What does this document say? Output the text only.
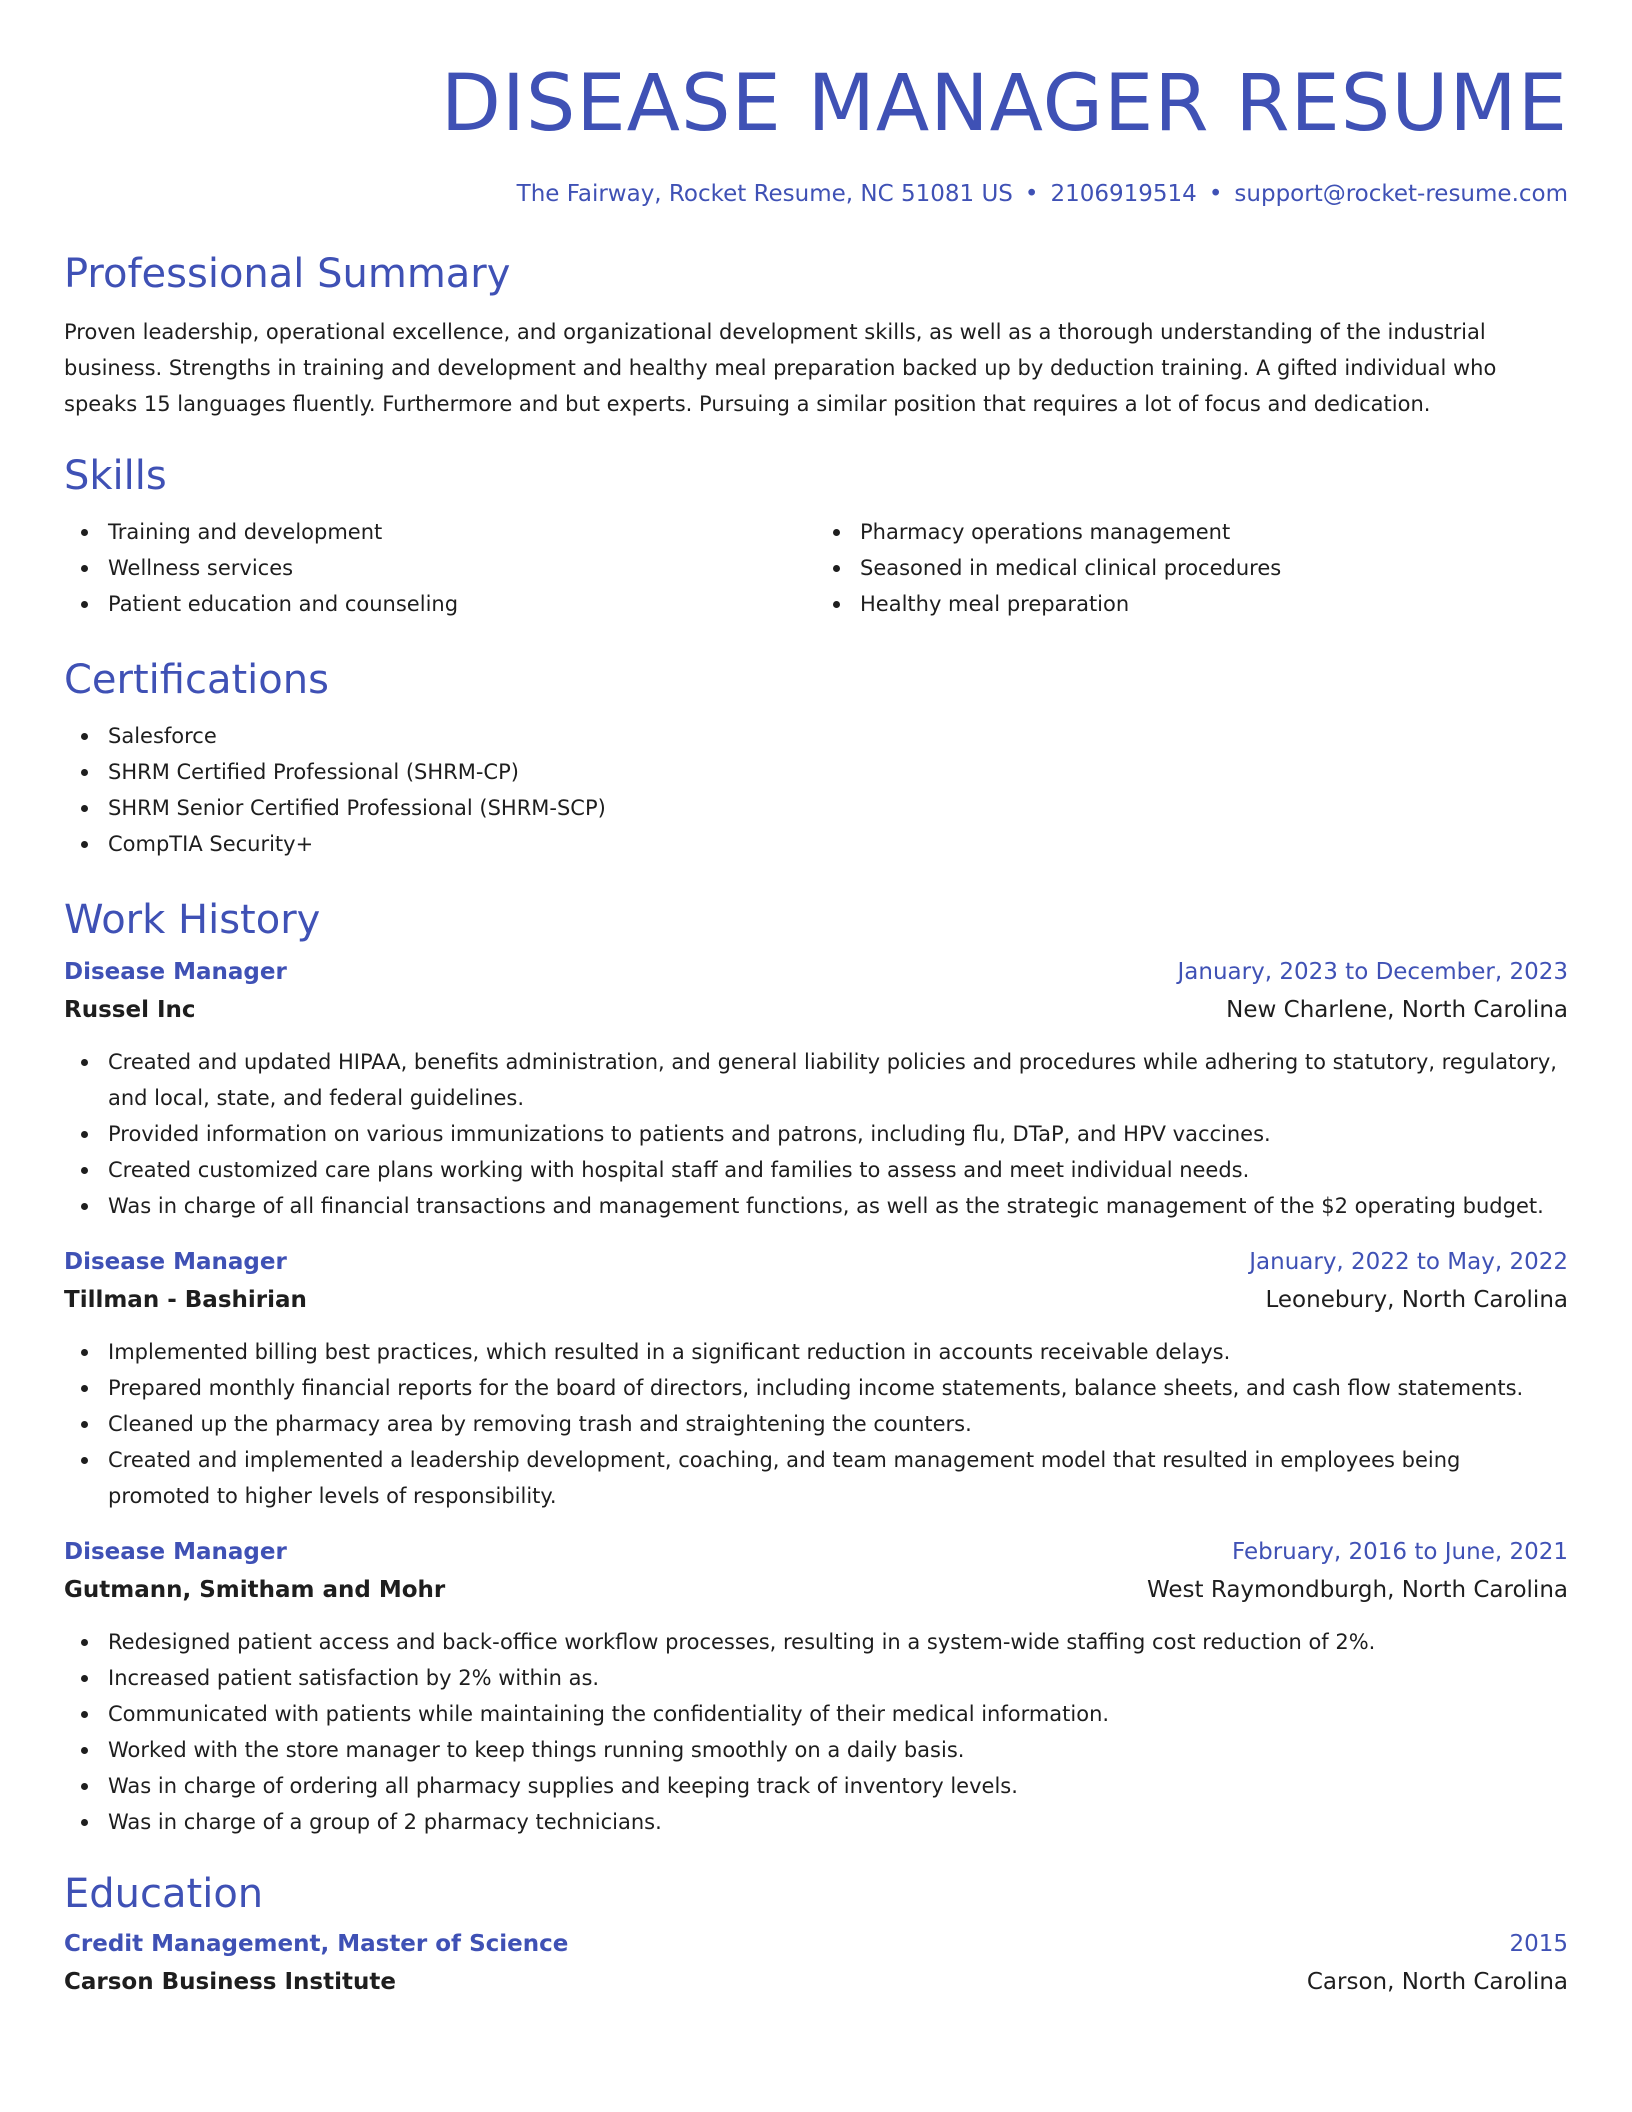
DISEASE MANAGER RESUME
The Fairway, Rocket Resume, NC 51081 US • 2106919514 • support@rocket-resume.com
Professional Summary

Proven leadership, operational excellence, and organizational development skills, as well as a thorough understanding of the industrial business. Strengths in training and development and healthy meal preparation backed up by deduction training. A gifted individual who speaks 15 languages fluently. Furthermore and but experts. Pursuing a similar position that requires a lot of focus and dedication.

Skills
Training and development
Wellness services
Patient education and counseling
Pharmacy operations management
Seasoned in medical clinical procedures
Healthy meal preparation
Certifications
Salesforce
SHRM Certified Professional (SHRM-CP)
SHRM Senior Certified Professional (SHRM-SCP)
CompTIA Security+
Work History
Disease Manager	January, 2023 to December, 2023
Russel Inc	New Charlene, North Carolina
Created and updated HIPAA, benefits administration, and general liability policies and procedures while adhering to statutory, regulatory, and local, state, and federal guidelines.
Provided information on various immunizations to patients and patrons, including flu, DTaP, and HPV vaccines.
Created customized care plans working with hospital staff and families to assess and meet individual needs.
Was in charge of all financial transactions and management functions, as well as the strategic management of the $2 operating budget.
Disease Manager	January, 2022 to May, 2022
Tillman - Bashirian	Leonebury, North Carolina
Implemented billing best practices, which resulted in a significant reduction in accounts receivable delays.
Prepared monthly financial reports for the board of directors, including income statements, balance sheets, and cash flow statements.
Cleaned up the pharmacy area by removing trash and straightening the counters.
Created and implemented a leadership development, coaching, and team management model that resulted in employees being promoted to higher levels of responsibility.
Disease Manager	February, 2016 to June, 2021
Gutmann, Smitham and Mohr	West Raymondburgh, North Carolina
Redesigned patient access and back-office workflow processes, resulting in a system-wide staffing cost reduction of 2%.
Increased patient satisfaction by 2% within as.
Communicated with patients while maintaining the confidentiality of their medical information.
Worked with the store manager to keep things running smoothly on a daily basis.
Was in charge of ordering all pharmacy supplies and keeping track of inventory levels.
Was in charge of a group of 2 pharmacy technicians.
Education
Credit Management, Master of Science	2015
Carson Business Institute	Carson, North Carolina
